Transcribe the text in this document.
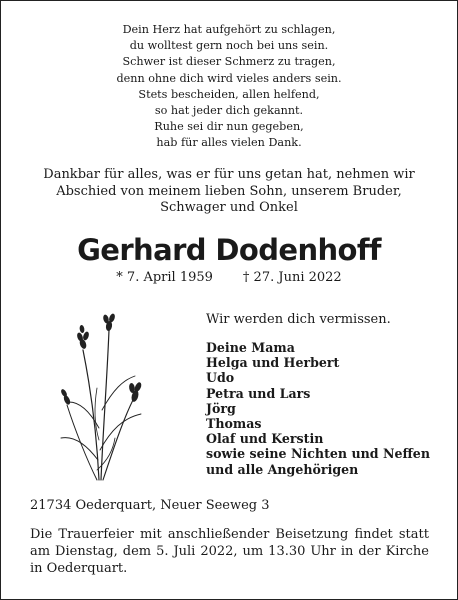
Dein Herz hat aufgehört zu schlagen,
du wolltest gern noch bei uns sein.
Schwer ist dieser Schmerz zu tragen,
denn ohne dich wird vieles anders sein.
Stets bescheiden, allen helfend,
so hat jeder dich gekannt.
Ruhe sei dir nun gegeben,
hab für alles vielen Dank.
Dankbar für alles, was er für uns getan hat, nehmen wir
Abschied von meinem lieben Sohn, unserem Bruder,
Schwager und Onkel
Gerhard Dodenhoff
* 7. April 1959 † 27. Juni 2022
Wir werden dich vermissen.
Deine Mama
Helga und Herbert
Udo
Petra und Lars
Jörg
Thomas
Olaf und Kerstin
sowie seine Nichten und Neffen
und alle Angehörigen
21734 Oederquart, Neuer Seeweg 3
Die Trauerfeier mit anschließender Beisetzung findet statt am Dienstag, dem 5. Juli 2022, um 13.30 Uhr in der Kirche in Oederquart.
